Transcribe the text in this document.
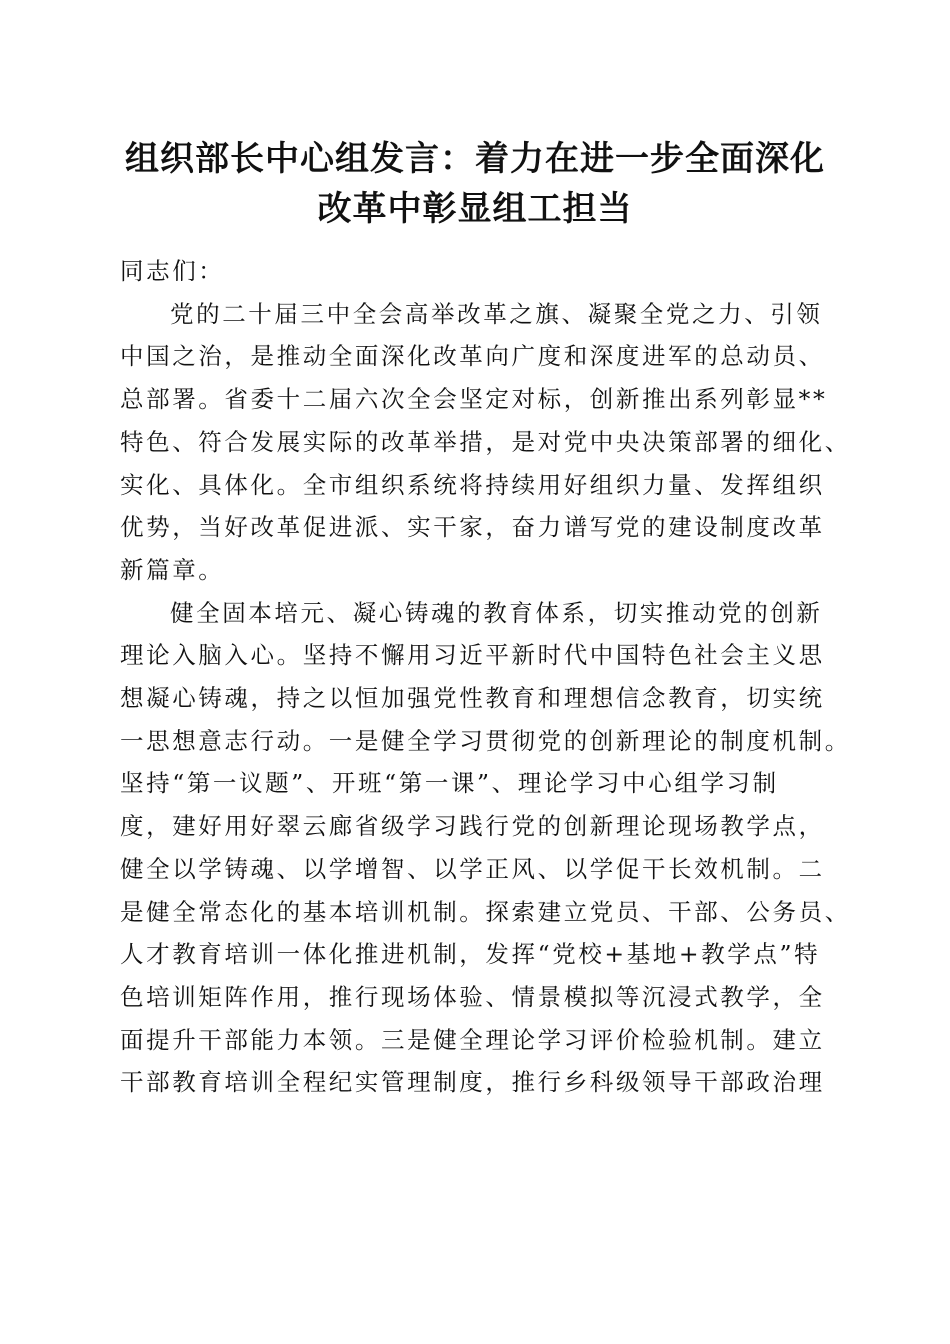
组织部长中心组发言：着力在进一步全面深化
改革中彰显组工担当
同志们：

党的二十届三中全会高举改革之旗、凝聚全党之力、引领
中国之治，是推动全面深化改革向广度和深度进军的总动员、
总部署。省委十二届六次全会坚定对标，创新推出系列彰显**
特色、符合发展实际的改革举措，是对党中央决策部署的细化、
实化、具体化。全市组织系统将持续用好组织力量、发挥组织
优势，当好改革促进派、实干家，奋力谱写党的建设制度改革
新篇章。

健全固本培元、凝心铸魂的教育体系，切实推动党的创新
理论入脑入心。坚持不懈用习近平新时代中国特色社会主义思
想凝心铸魂，持之以恒加强党性教育和理想信念教育，切实统
一思想意志行动。一是健全学习贯彻党的创新理论的制度机制。
坚持“第一议题”、开班“第一课”、理论学习中心组学习制
度，建好用好翠云廊省级学习践行党的创新理论现场教学点，
健全以学铸魂、以学增智、以学正风、以学促干长效机制。二
是健全常态化的基本培训机制。探索建立党员、干部、公务员、
人才教育培训一体化推进机制，发挥“党校+基地+教学点”特
色培训矩阵作用，推行现场体验、情景模拟等沉浸式教学，全
面提升干部能力本领。三是健全理论学习评价检验机制。建立
干部教育培训全程纪实管理制度，推行乡科级领导干部政治理
